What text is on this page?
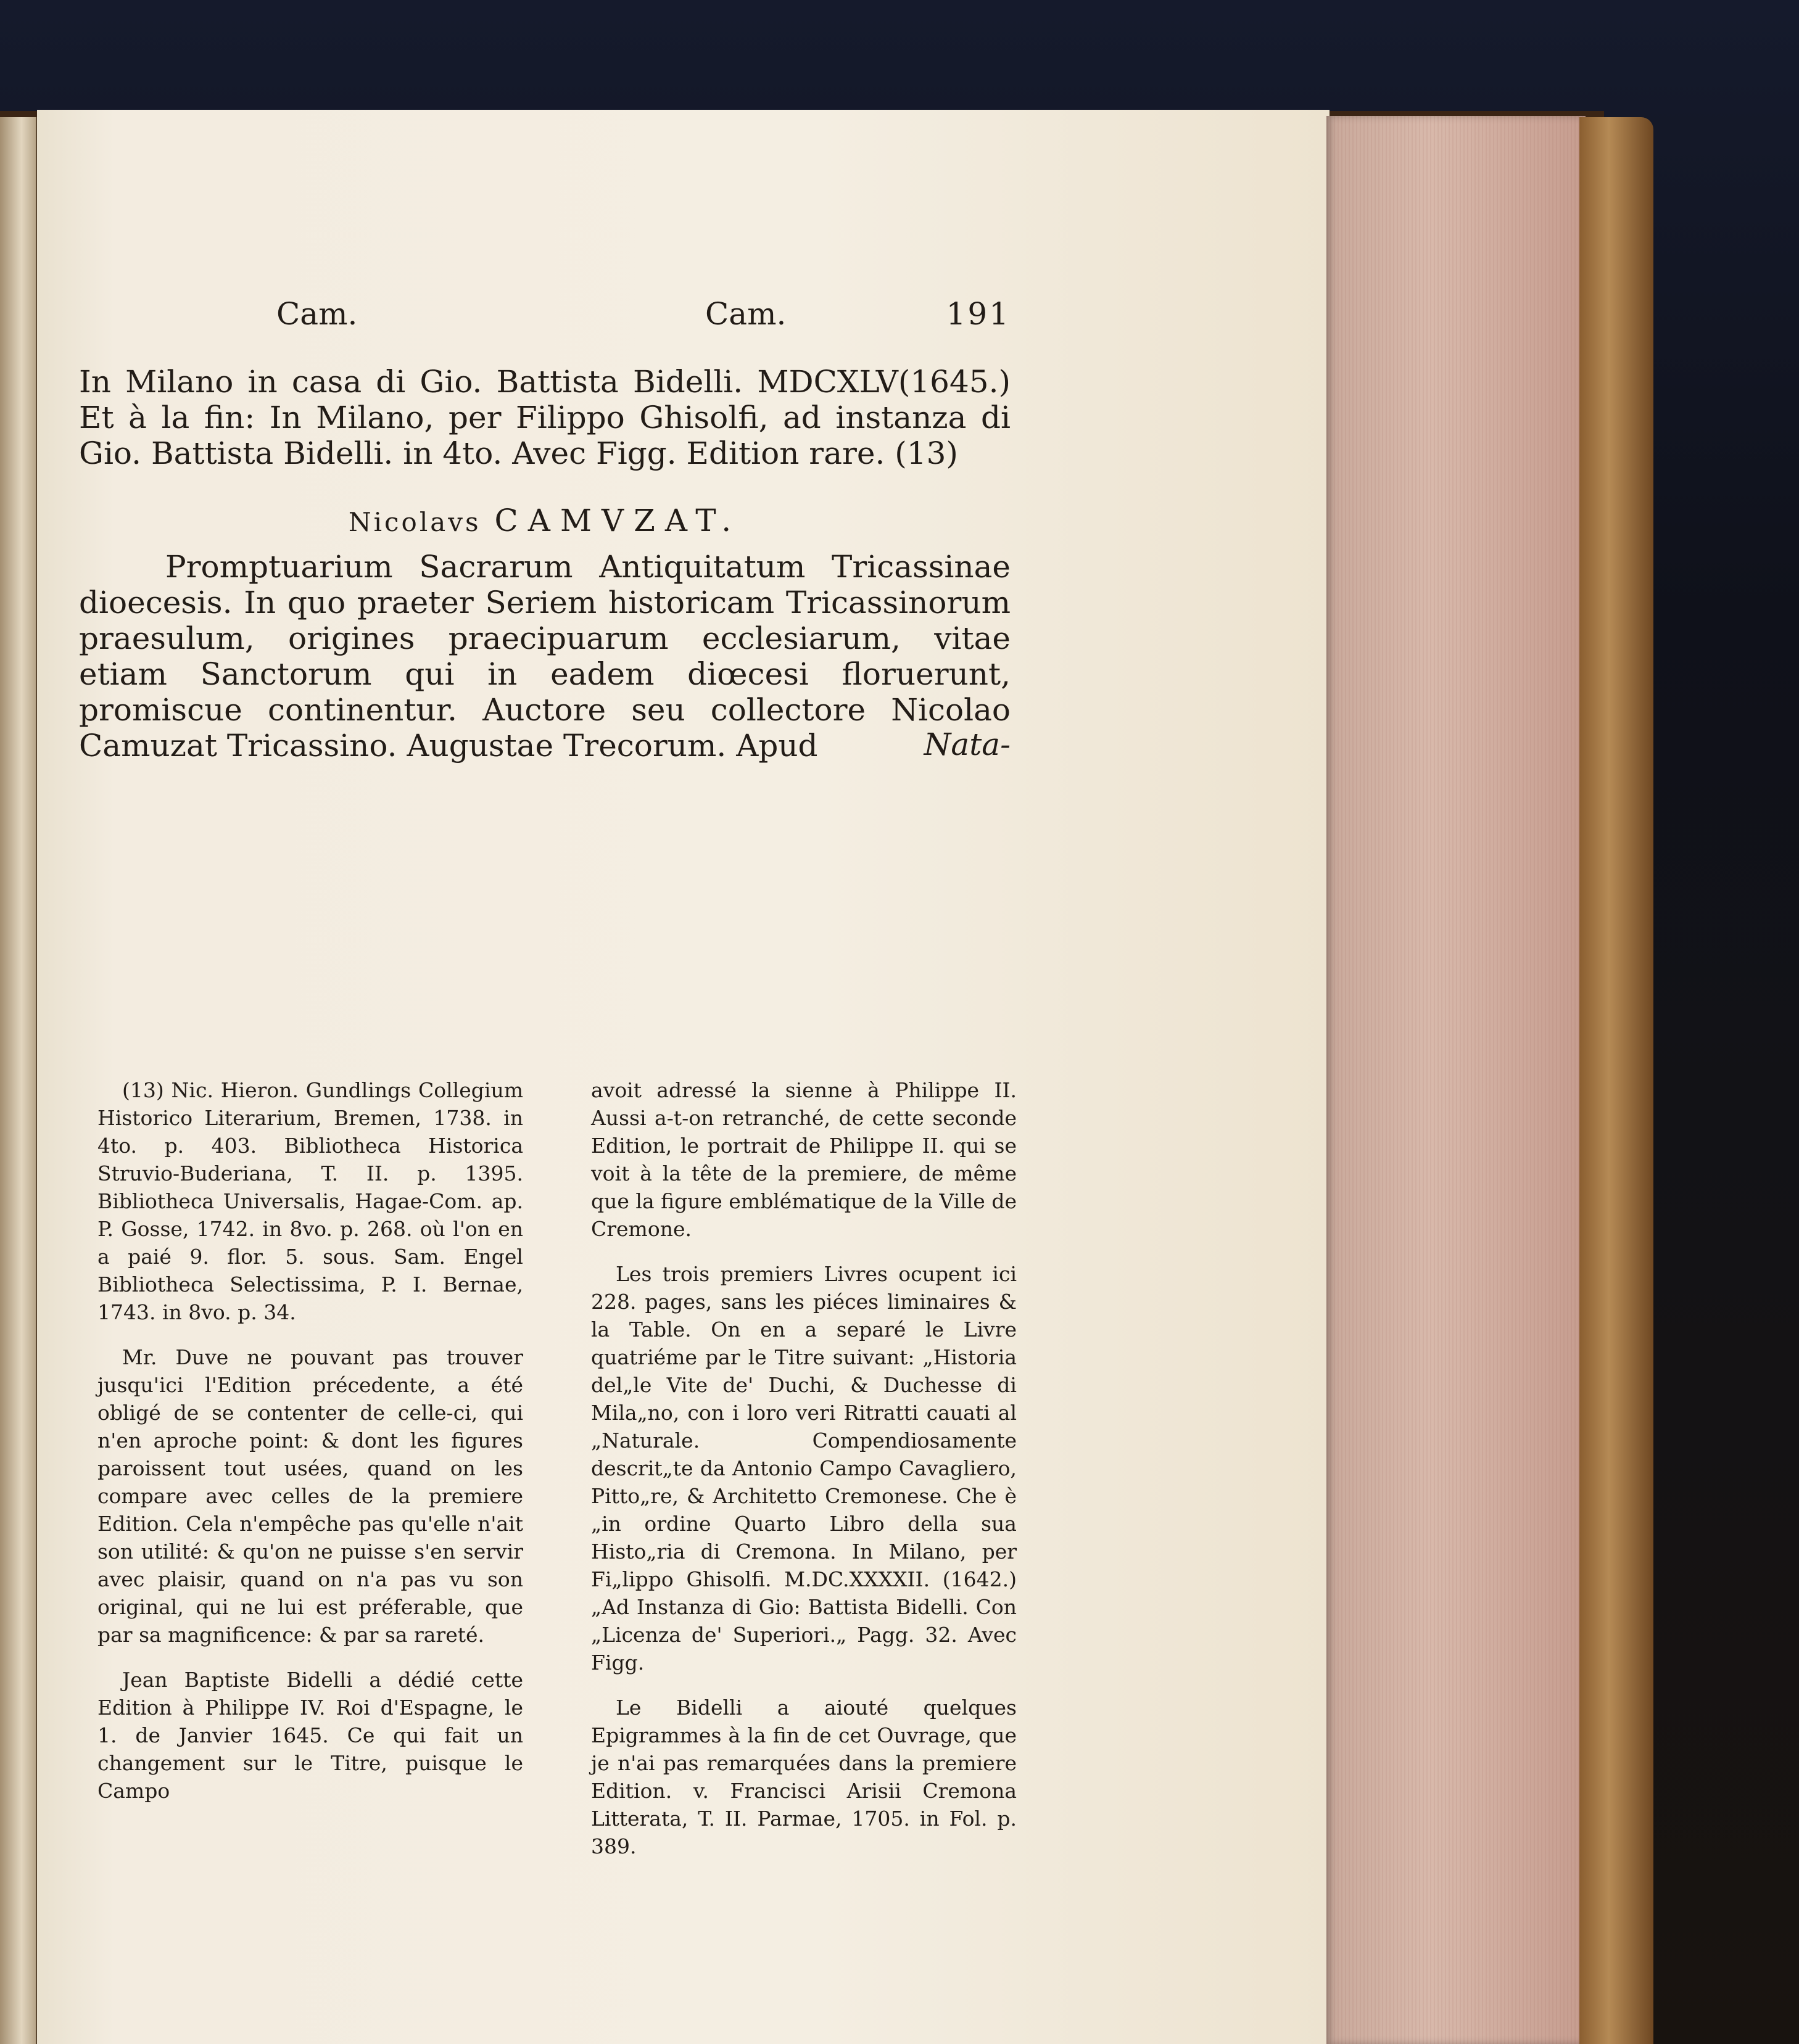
Cam.	Cam.	191

In Milano in casa di Gio. Battista Bidelli. MDCXLV(1645.) Et à la fin: In Milano, per Filippo Ghisolfi, ad instanza di Gio. Battista Bidelli. in 4to. Avec Figg. Edition rare. (13)

Nicolavs CAMVZAT.

Promptuarium Sacrarum Antiquitatum Tricassinae dioecesis. In quo praeter Seriem historicam Tricassinorum praesulum, origines praecipuarum ecclesiarum, vitae etiam Sanctorum qui in eadem diœcesi floruerunt, promiscue continentur. Auctore seu collectore Nicolao Camuzat Tricassino. Augustae Trecorum. Apud	Nata-

(13) Nic. Hieron. Gundlings Collegium Historico Literarium, Bremen, 1738. in 4to. p. 403. Bibliotheca Historica Struvio-Buderiana, T. II. p. 1395. Bibliotheca Universalis, Hagae-Com. ap. P. Gosse, 1742. in 8vo. p. 268. où l'on en a paié 9. flor. 5. sous. Sam. Engel Bibliotheca Selectissima, P. I. Bernae, 1743. in 8vo. p. 34.

Mr. Duve ne pouvant pas trouver jusqu'ici l'Edition précedente, a été obligé de se contenter de celle-ci, qui n'en aproche point: & dont les figures paroissent tout usées, quand on les compare avec celles de la premiere Edition. Cela n'empêche pas qu'elle n'ait son utilité: & qu'on ne puisse s'en servir avec plaisir, quand on n'a pas vu son original, qui ne lui est préferable, que par sa magnificence: & par sa rareté.

Jean Baptiste Bidelli a dédié cette Edition à Philippe IV. Roi d'Espagne, le 1. de Janvier 1645. Ce qui fait un changement sur le Titre, puisque le Campo

avoit adressé la sienne à Philippe II. Aussi a-t-on retranché, de cette seconde Edition, le portrait de Philippe II. qui se voit à la tête de la premiere, de même que la figure emblématique de la Ville de Cremone.

Les trois premiers Livres ocupent ici 228. pages, sans les piéces liminaires & la Table. On en a separé le Livre quatriéme par le Titre suivant: „Historia del„le Vite de' Duchi, & Duchesse di Mila„no, con i loro veri Ritratti cauati al „Naturale. Compendiosamente descrit„te da Antonio Campo Cavagliero, Pitto„re, & Architetto Cremonese. Che è „in ordine Quarto Libro della sua Histo„ria di Cremona. In Milano, per Fi„lippo Ghisolfi. M.DC.XXXXII. (1642.) „Ad Instanza di Gio: Battista Bidelli. Con „Licenza de' Superiori.„ Pagg. 32. Avec Figg.

Le Bidelli a aiouté quelques Epigrammes à la fin de cet Ouvrage, que je n'ai pas remarquées dans la premiere Edition. v. Francisci Arisii Cremona Litterata, T. II. Parmae, 1705. in Fol. p. 389.
